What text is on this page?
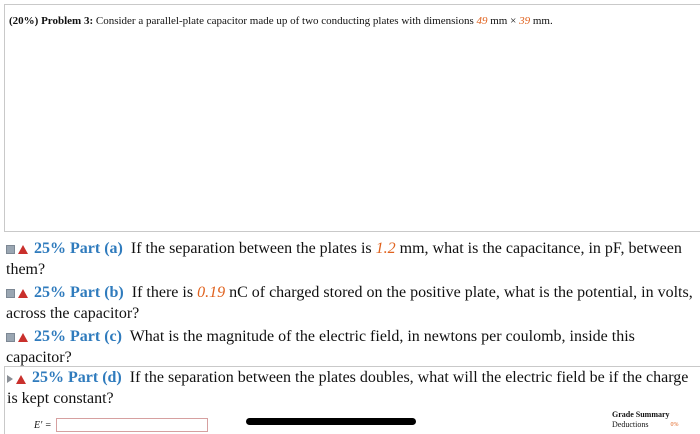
(20%) Problem 3: Consider a parallel-plate capacitor made up of two conducting plates with dimensions 49 mm × 39 mm.
25% Part (a) If the separation between the plates is 1.2 mm, what is the capacitance, in pF, between them?
25% Part (b) If there is 0.19 nC of charged stored on the positive plate, what is the potential, in volts, across the capacitor?
25% Part (c) What is the magnitude of the electric field, in newtons per coulomb, inside this capacitor?
25% Part (d) If the separation between the plates doubles, what will the electric field be if the charge is kept constant?
E' =
Grade Summary
Deductions	0%
